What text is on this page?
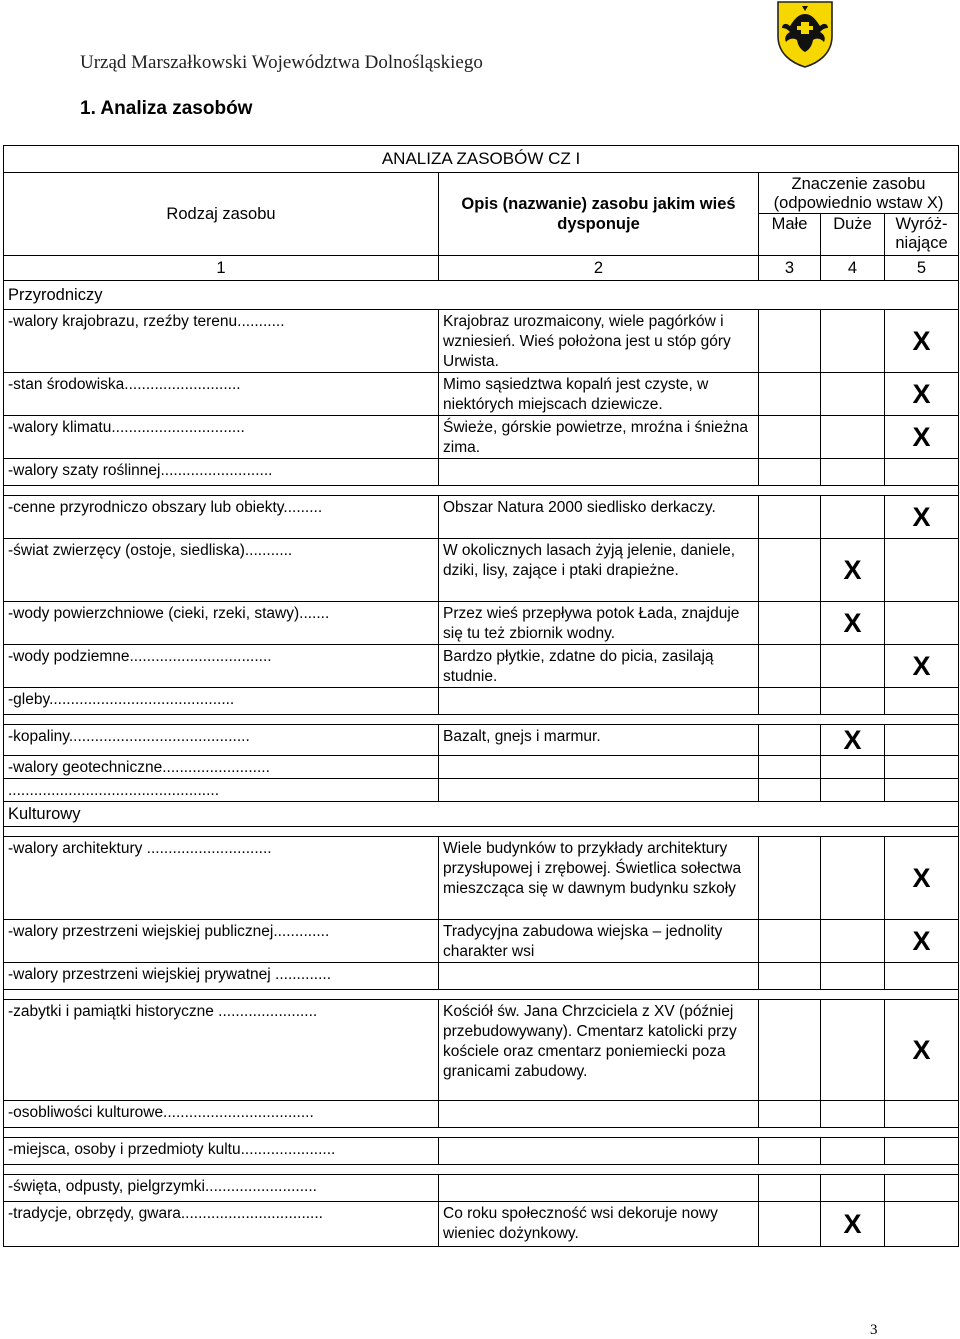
Urząd Marszałkowski Województwa Dolnośląskiego
1. Analiza zasobów
ANALIZA ZASOBÓW CZ I				
Rodzaj zasobu	Opis (nazwanie) zasobu jakim wieś dysponuje	Znaczenie zasobu
(odpowiednio wstaw X)		

		Małe	Duże	Wyróż-niające
1	2	3	4	5
Przyrodniczy				
-walory krajobrazu, rzeźby terenu...........	Krajobraz urozmaicony, wiele pagórków i wzniesień. Wieś położona jest u stóp góry Urwista.			X
-stan środowiska...........................	Mimo sąsiedztwa kopalń jest czyste, w niektórych miejscach dziewicze.			X
-walory klimatu...............................	Świeże, górskie powietrze, mroźna i śnieżna zima.			X
-walory szaty roślinnej..........................				

-cenne przyrodniczo obszary lub obiekty.........	Obszar Natura 2000 siedlisko derkaczy.			X
-świat zwierzęcy (ostoje, siedliska)...........	W okolicznych lasach żyją jelenie, daniele, dziki, lisy, zające i ptaki drapieżne.		X	
-wody powierzchniowe (cieki, rzeki, stawy).......	Przez wieś przepływa potok Łada, znajduje się tu też zbiornik wodny.		X	
-wody podziemne.................................	Bardzo płytkie, zdatne do picia, zasilają studnie.			X
-gleby...........................................				

-kopaliny..........................................	Bazalt, gnejs i marmur.		X	
-walory geotechniczne.........................				
.................................................				
Kulturowy				

-walory architektury .............................	Wiele budynków to przykłady architektury przysłupowej i zrębowej. Świetlica sołectwa mieszcząca się w dawnym budynku szkoły			X
-walory przestrzeni wiejskiej publicznej.............	Tradycyjna zabudowa wiejska – jednolity charakter wsi			X
-walory przestrzeni wiejskiej prywatnej .............				

-zabytki i pamiątki historyczne .......................	Kościół św. Jana Chrzciciela z XV (później przebudowywany). Cmentarz katolicki przy kościele oraz cmentarz poniemiecki poza granicami zabudowy.			X
-osobliwości kulturowe...................................				

-miejsca, osoby i przedmioty kultu......................				

-święta, odpusty, pielgrzymki..........................				
-tradycje, obrzędy, gwara.................................	Co roku społeczność wsi dekoruje nowy wieniec dożynkowy.		X	
3
